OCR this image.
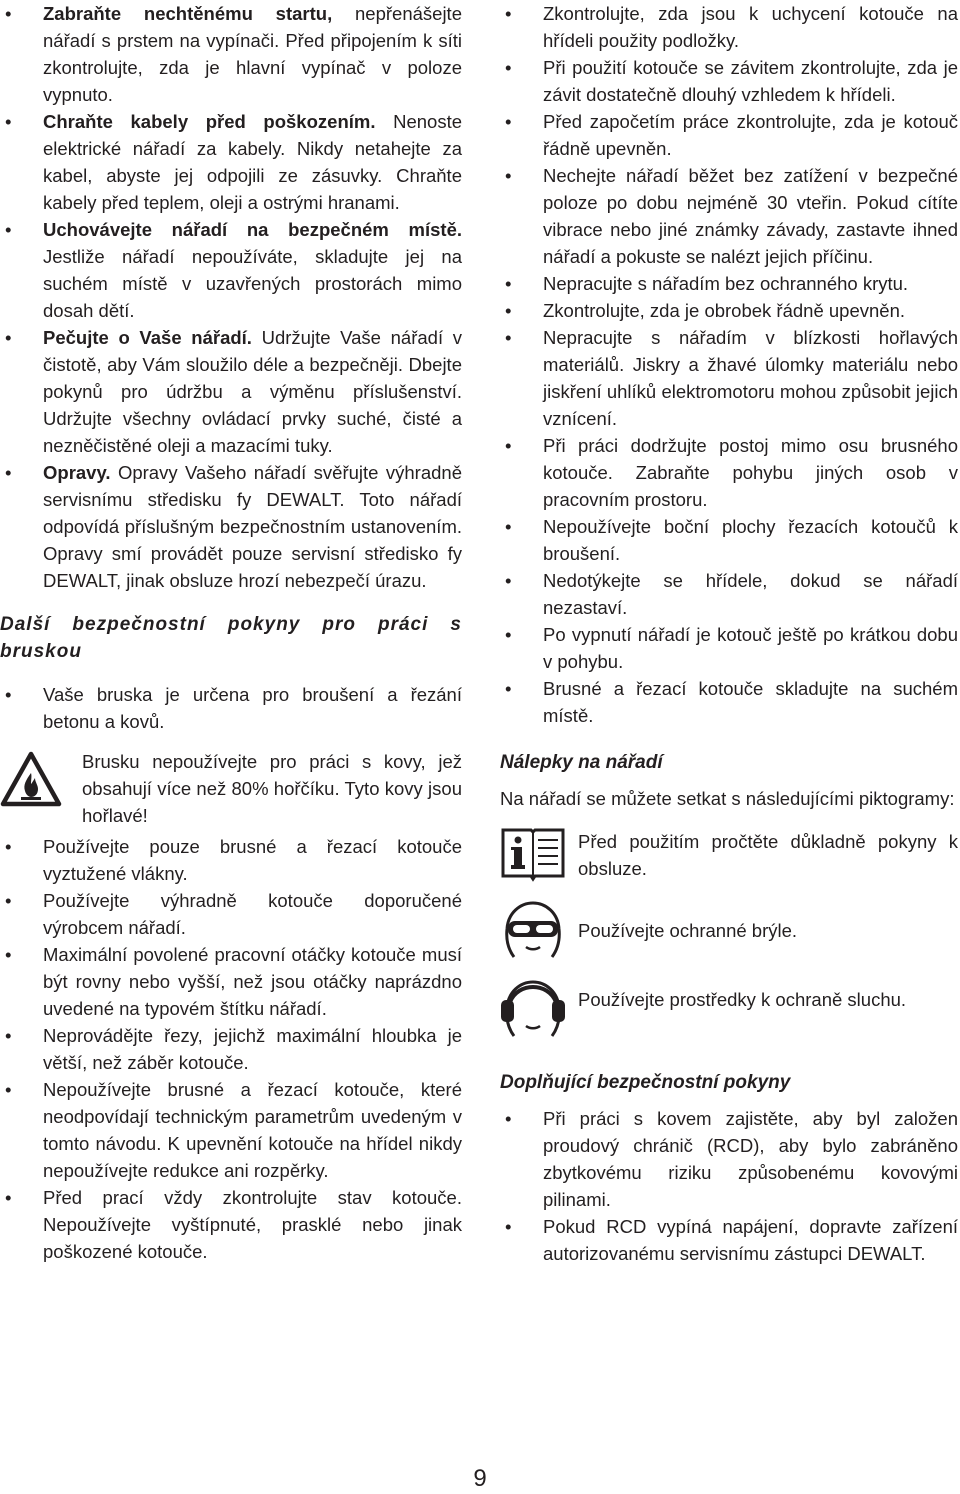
• Zabraňte nechtěnému startu, nepřenášejte nářadí s prstem na vypínači. Před připojením k síti zkontrolujte, zda je hlavní vypínač v poloze vypnuto.
• Chraňte kabely před poškozením. Nenoste elektrické nářadí za kabely. Nikdy netahejte za kabel, abyste jej odpojili ze zásuvky. Chraňte kabely před teplem, oleji a ostrými hranami.
• Uchovávejte nářadí na bezpečném místě. Jestliže nářadí nepoužíváte, skladujte jej na suchém místě v uzavřených prostorách mimo dosah dětí.
• Pečujte o Vaše nářadí. Udržujte Vaše nářadí v čistotě, aby Vám sloužilo déle a bezpečněji. Dbejte pokynů pro údržbu a výměnu příslušenství. Udržujte všechny ovládací prvky suché, čisté a nezněčistěné oleji a mazacími tuky.
• Opravy. Opravy Vašeho nářadí svěřujte výhradně servisnímu středisku fy DEWALT. Toto nářadí odpovídá příslušným bezpečnostním ustanovením. Opravy smí provádět pouze servisní středisko fy DEWALT, jinak obsluze hrozí nebezpečí úrazu.

Další bezpečnostní pokyny pro práci s bruskou

• Vaše bruska je určena pro broušení a řezání betonu a kovů.

Brusku nepoužívejte pro práci s kovy, jež obsahují více než 80% hořčíku. Tyto kovy jsou hořlavé!

• Používejte pouze brusné a řezací kotouče vyztužené vlákny.
• Používejte výhradně kotouče doporučené výrobcem nářadí.
• Maximální povolené pracovní otáčky kotouče musí být rovny nebo vyšší, než jsou otáčky naprázdno uvedené na typovém štítku nářadí.
• Neprovádějte řezy, jejichž maximální hloubka je větší, než záběr kotouče.
• Nepoužívejte brusné a řezací kotouče, které neodpovídají technickým parametrům uvedeným v tomto návodu. K upevnění kotouče na hřídel nikdy nepoužívejte redukce ani rozpěrky.
• Před prací vždy zkontrolujte stav kotouče. Nepoužívejte vyštípnuté, prasklé nebo jinak poškozené kotouče.
• Zkontrolujte, zda jsou k uchycení kotouče na hřídeli použity podložky.
• Při použití kotouče se závitem zkontrolujte, zda je závit dostatečně dlouhý vzhledem k hřídeli.
• Před započetím práce zkontrolujte, zda je kotouč řádně upevněn.
• Nechejte nářadí běžet bez zatížení v bezpečné poloze po dobu nejméně 30 vteřin. Pokud cítíte vibrace nebo jiné známky závady, zastavte ihned nářadí a pokuste se nalézt jejich příčinu.
• Nepracujte s nářadím bez ochranného krytu.
• Zkontrolujte, zda je obrobek řádně upevněn.
• Nepracujte s nářadím v blízkosti hořlavých materiálů. Jiskry a žhavé úlomky materiálu nebo jiskření uhlíků elektromotoru mohou způsobit jejich vznícení.
• Při práci dodržujte postoj mimo osu brusného kotouče. Zabraňte pohybu jiných osob v pracovním prostoru.
• Nepoužívejte boční plochy řezacích kotoučů k broušení.
• Nedotýkejte se hřídele, dokud se nářadí nezastaví.
• Po vypnutí nářadí je kotouč ještě po krátkou dobu v pohybu.
• Brusné a řezací kotouče skladujte na suchém místě.

Nálepky na nářadí

Na nářadí se můžete setkat s následujícími piktogramy:

Před použitím pročtěte důkladně pokyny k obsluze.
Používejte ochranné brýle.
Používejte prostředky k ochraně sluchu.

Doplňující bezpečnostní pokyny

• Při práci s kovem zajistěte, aby byl založen proudový chránič (RCD), aby bylo zabráněno zbytkovému riziku způsobenému kovovými pilinami.
• Pokud RCD vypíná napájení, dopravte zařízení autorizovanému servisnímu zástupci DEWALT.
9
